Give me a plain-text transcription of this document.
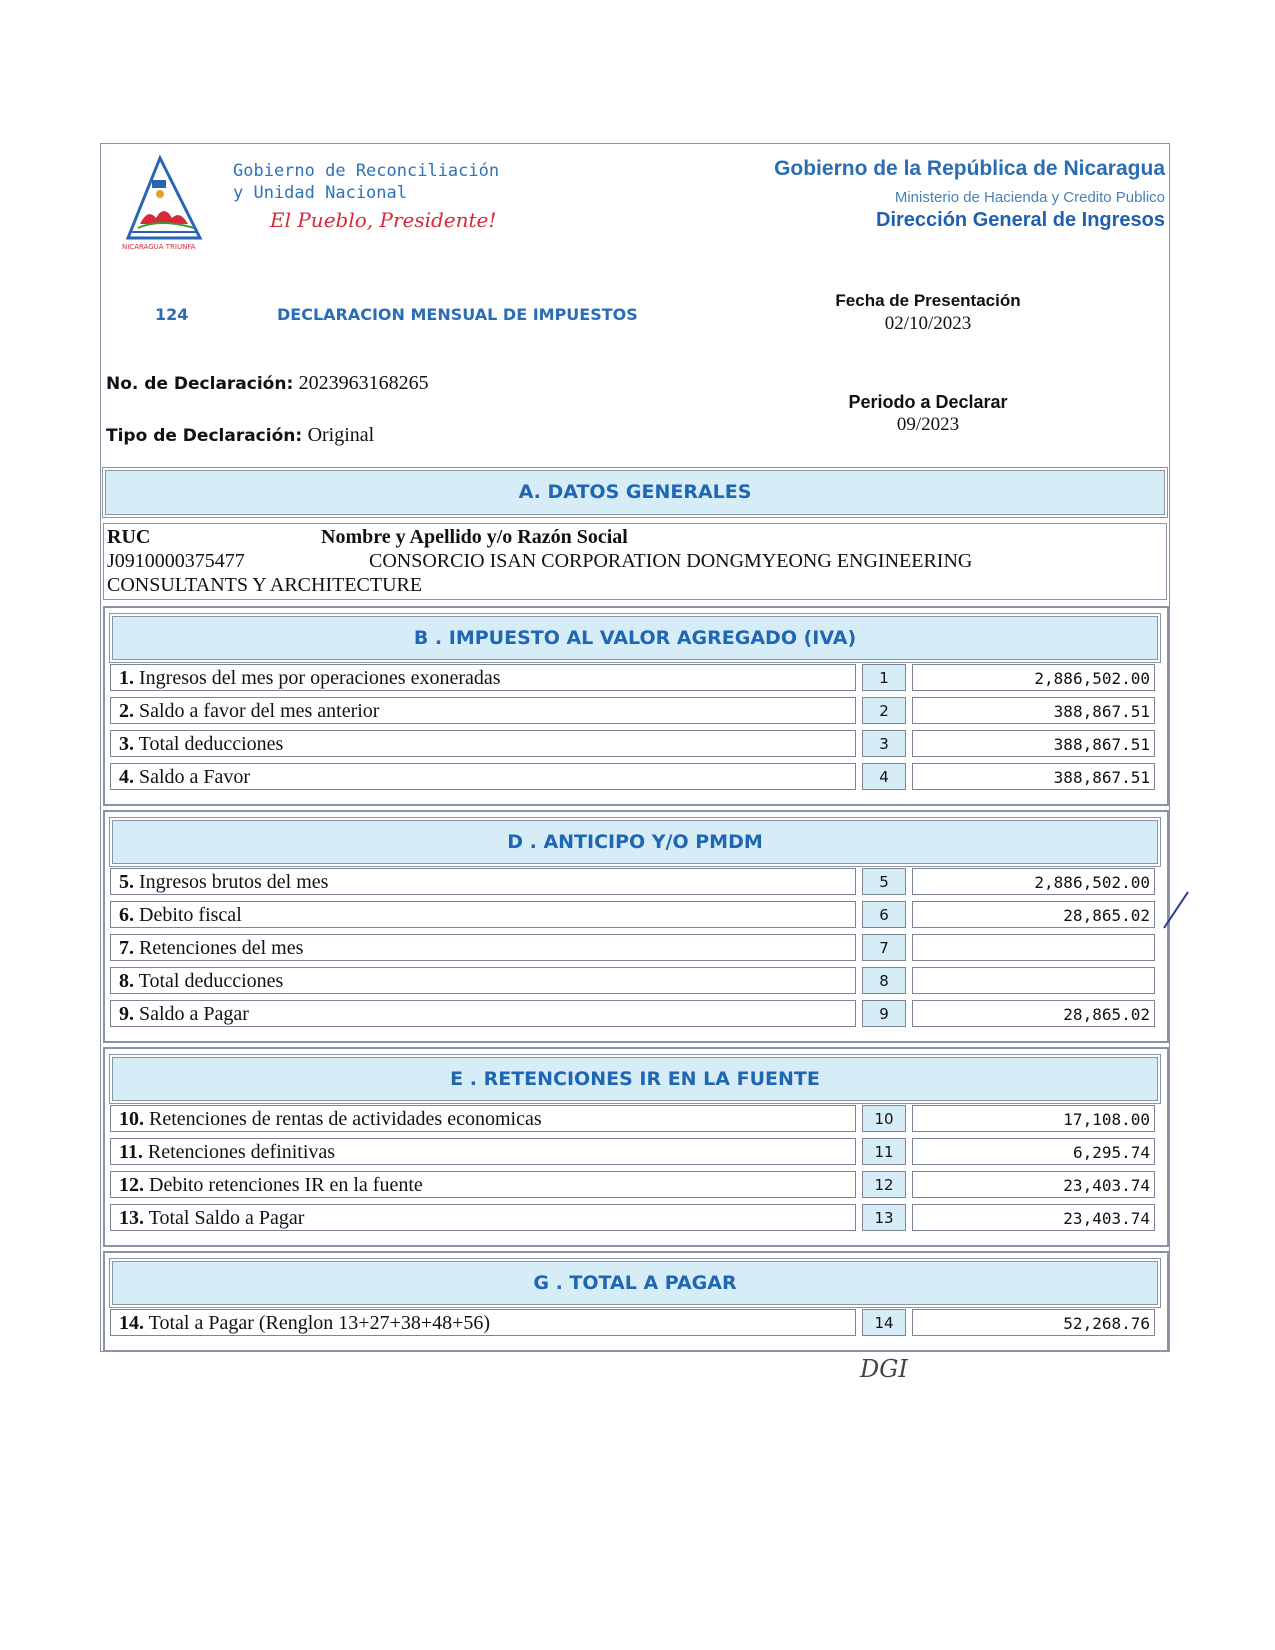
NICARAGUA TRIUNFA
Gobierno de Reconciliación
y Unidad Nacional
El Pueblo, Presidente!
Gobierno de la República de Nicaragua
Ministerio de Hacienda y Credito Publico
Dirección General de Ingresos
124	DECLARACION MENSUAL DE IMPUESTOS
Fecha de Presentación
02/10/2023
No. de Declaración: 2023963168265
Tipo de Declaración: Original
Periodo a Declarar
09/2023
A. DATOS GENERALES
RUC	Nombre y Apellido y/o Razón Social
J0910000375477	CONSORCIO ISAN CORPORATION DONGMYEONG ENGINEERING
CONSULTANTS Y ARCHITECTURE
B . IMPUESTO AL VALOR AGREGADO (IVA)
1. Ingresos del mes por operaciones exoneradas	1	2,886,502.00
2. Saldo a favor del mes anterior	2	388,867.51
3. Total deducciones	3	388,867.51
4. Saldo a Favor	4	388,867.51
D . ANTICIPO Y/O PMDM
5. Ingresos brutos del mes	5	2,886,502.00
6. Debito fiscal	6	28,865.02
7. Retenciones del mes	7
8. Total deducciones	8
9. Saldo a Pagar	9	28,865.02
E . RETENCIONES IR EN LA FUENTE
10. Retenciones de rentas de actividades economicas	10	17,108.00
11. Retenciones definitivas	11	6,295.74
12. Debito retenciones IR en la fuente	12	23,403.74
13. Total Saldo a Pagar	13	23,403.74
G . TOTAL A PAGAR
14. Total a Pagar (Renglon 13+27+38+48+56)	14	52,268.76
DGI
